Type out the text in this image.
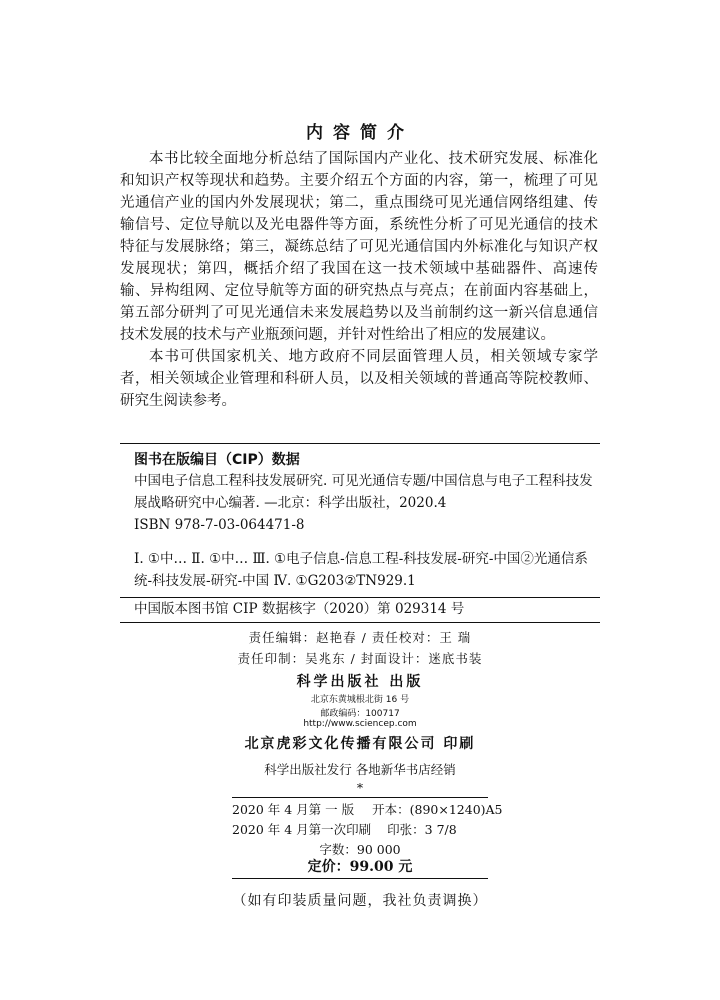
内容简介

本书比较全面地分析总结了国际国内产业化、技术研究发展、标准化和知识产权等现状和趋势。主要介绍五个方面的内容，第一，梳理了可见光通信产业的国内外发展现状；第二，重点围绕可见光通信网络组建、传输信号、定位导航以及光电器件等方面，系统性分析了可见光通信的技术特征与发展脉络；第三，凝练总结了可见光通信国内外标准化与知识产权发展现状；第四，概括介绍了我国在这一技术领域中基础器件、高速传输、异构组网、定位导航等方面的研究热点与亮点；在前面内容基础上，第五部分研判了可见光通信未来发展趋势以及当前制约这一新兴信息通信技术发展的技术与产业瓶颈问题，并针对性给出了相应的发展建议。

本书可供国家机关、地方政府不同层面管理人员，相关领域专家学者，相关领域企业管理和科研人员，以及相关领域的普通高等院校教师、研究生阅读参考。

图书在版编目（CIP）数据
中国电子信息工程科技发展研究. 可见光通信专题/中国信息与电子工程科技发展战略研究中心编著. —北京：科学出版社，2020.4
ISBN 978-7-03-064471-8
Ⅰ. ①中… Ⅱ. ①中… Ⅲ. ①电子信息-信息工程-科技发展-研究-中国②光通信系统-科技发展-研究-中国 Ⅳ. ①G203②TN929.1
中国版本图书馆 CIP 数据核字（2020）第 029314 号
责任编辑：赵艳春 / 责任校对：王 瑞
责任印制：吴兆东 / 封面设计：迷底书装
科学出版社 出版
北京东黄城根北街 16 号
邮政编码：100717
http://www.sciencep.com
北京虎彩文化传播有限公司 印刷
科学出版社发行 各地新华书店经销
*
2020 年 4 月第 一 版 开本：(890×1240)A5
2020 年 4 月第一次印刷 印张：3 7/8
字数：90 000
定价：99.00 元
（如有印装质量问题，我社负责调换）
